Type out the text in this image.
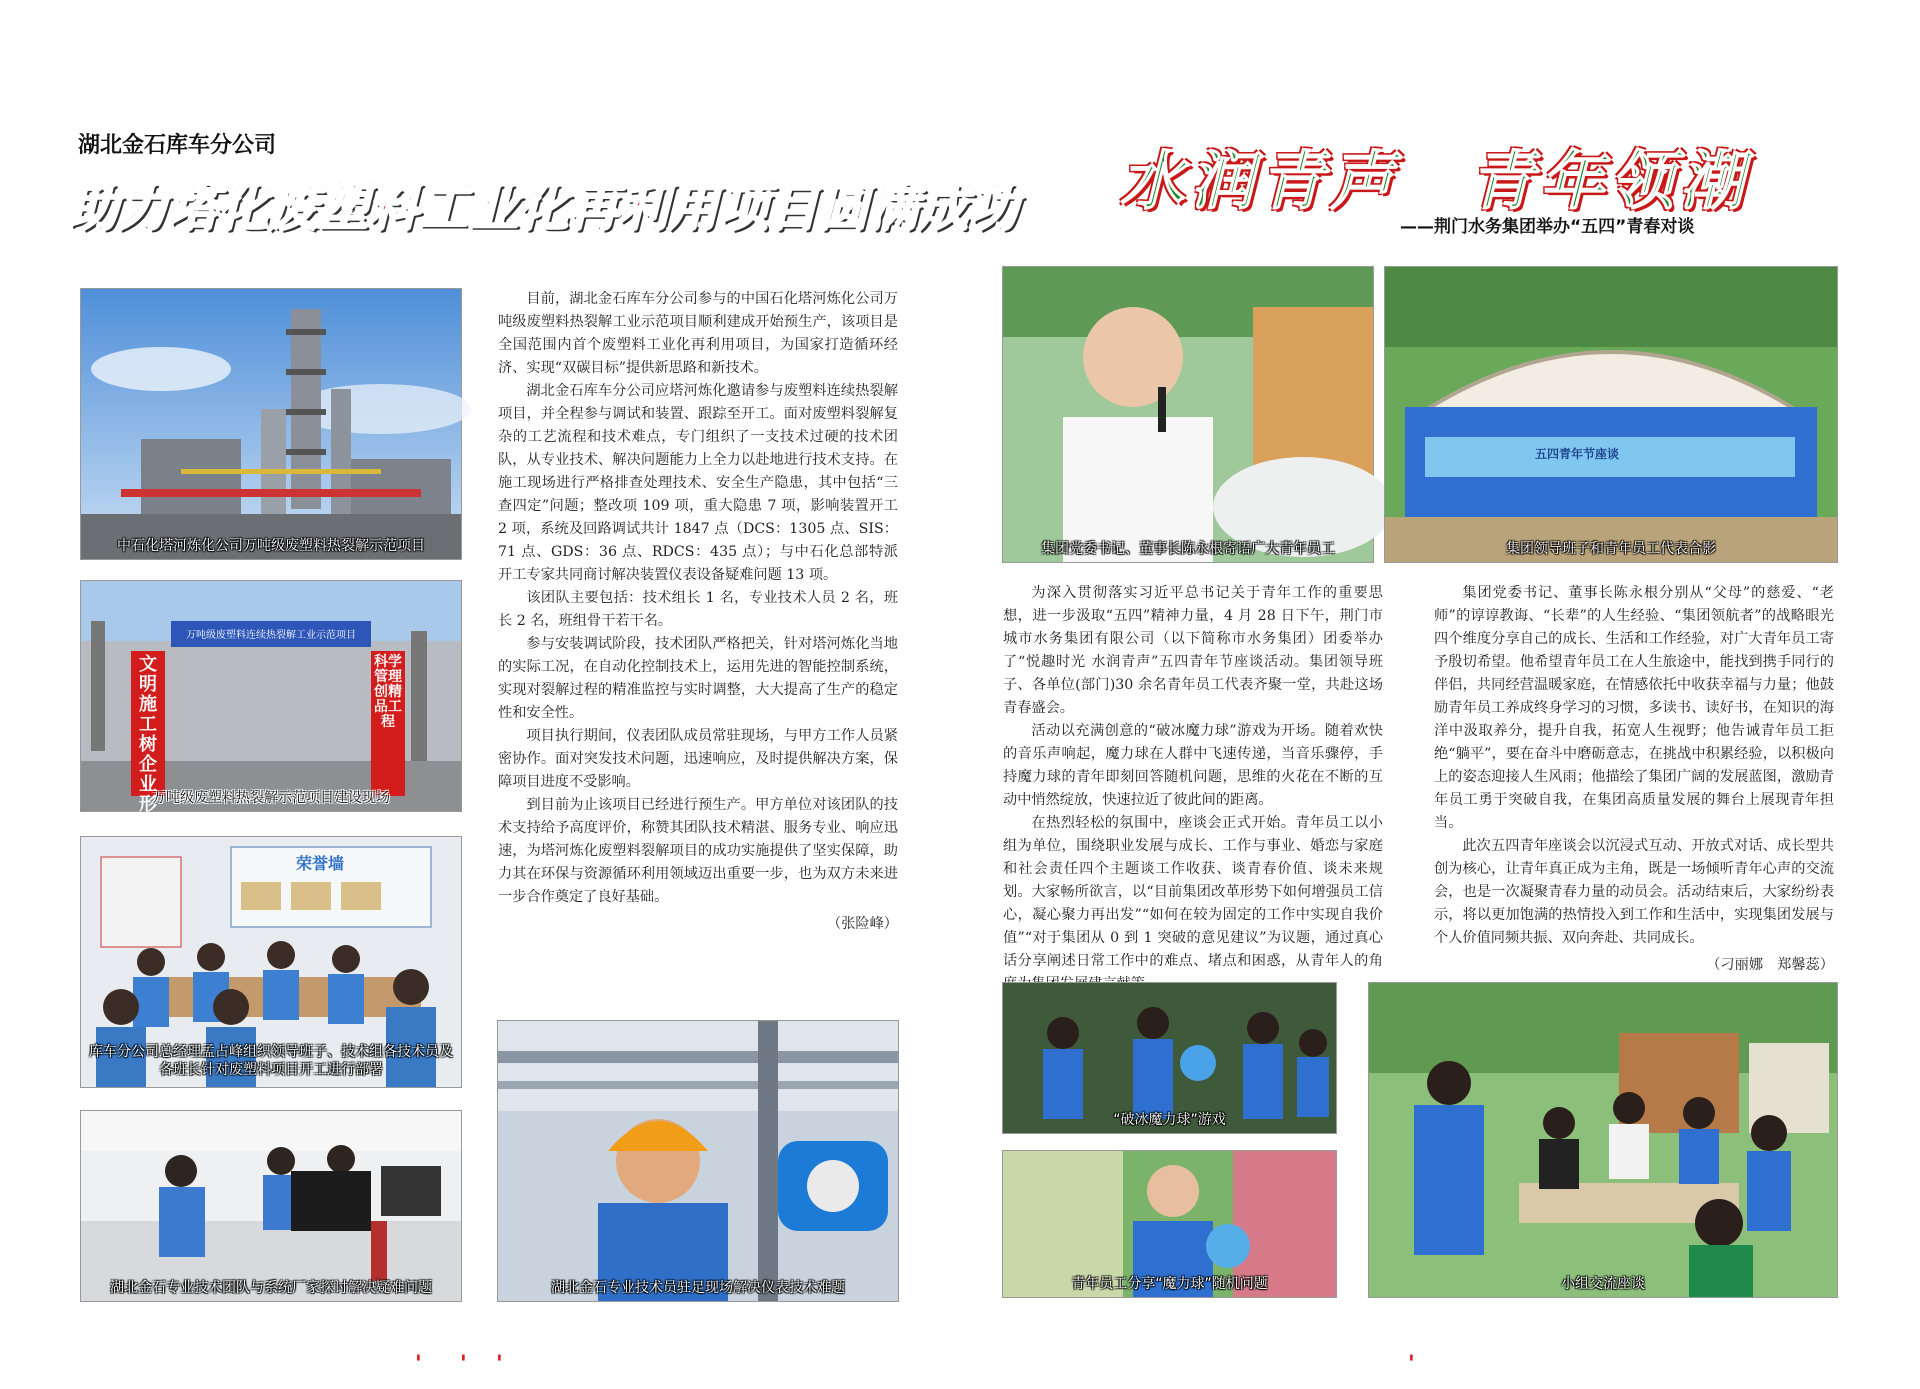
湖北金石库车分公司
助力塔化废塑料工业化再利用项目圆满成功
中石化塔河炼化公司万吨级废塑料热裂解示范项目
万吨级废塑料连续热裂解工业示范项目
文明施工树企业形象
科学管理创精品工程
万吨级废塑料热裂解示范项目建设现场
荣誉墙
库车分公司总经理孟占峰组织领导班子、技术组各技术员及各班长针对废塑料项目开工进行部署
湖北金石专业技术团队与系统厂家探讨解决疑难问题	湖北金石专业技术员驻足现场解决仪表技术难题

目前，湖北金石库车分公司参与的中国石化塔河炼化公司万吨级废塑料热裂解工业示范项目顺利建成开始预生产，该项目是全国范围内首个废塑料工业化再利用项目，为国家打造循环经济、实现“双碳目标”提供新思路和新技术。

湖北金石库车分公司应塔河炼化邀请参与废塑料连续热裂解项目，并全程参与调试和装置、跟踪至开工。面对废塑料裂解复杂的工艺流程和技术难点，专门组织了一支技术过硬的技术团队，从专业技术、解决问题能力上全力以赴地进行技术支持。在施工现场进行严格排查处理技术、安全生产隐患，其中包括“三查四定”问题；整改项 109 项，重大隐患 7 项，影响装置开工 2 项，系统及回路调试共计 1847 点（DCS：1305 点、SIS：71 点、GDS：36 点、RDCS：435 点）；与中石化总部特派开工专家共同商讨解决装置仪表设备疑难问题 13 项。

该团队主要包括：技术组长 1 名，专业技术人员 2 名，班长 2 名，班组骨干若干名。

参与安装调试阶段，技术团队严格把关，针对塔河炼化当地的实际工况，在自动化控制技术上，运用先进的智能控制系统，实现对裂解过程的精准监控与实时调整，大大提高了生产的稳定性和安全性。

项目执行期间，仪表团队成员常驻现场，与甲方工作人员紧密协作。面对突发技术问题，迅速响应，及时提供解决方案，保障项目进度不受影响。

到目前为止该项目已经进行预生产。甲方单位对该团队的技术支持给予高度评价，称赞其团队技术精湛、服务专业、响应迅速，为塔河炼化废塑料裂解项目的成功实施提供了坚实保障，助力其在环保与资源循环利用领域迈出重要一步，也为双方未来进一步合作奠定了良好基础。

（张险峰）

' ' '
水润青声　青年领潮
——荆门水务集团举办“五四”青春对谈
集团党委书记、董事长陈永根寄语广大青年员工
五四青年节座谈
集团领导班子和青年员工代表合影

为深入贯彻落实习近平总书记关于青年工作的重要思想，进一步汲取“五四”精神力量，4 月 28 日下午，荆门市城市水务集团有限公司（以下简称市水务集团）团委举办了“悦趣时光 水润青声”五四青年节座谈活动。集团领导班子、各单位(部门)30 余名青年员工代表齐聚一堂，共赴这场青春盛会。

活动以充满创意的“破冰魔力球”游戏为开场。随着欢快的音乐声响起，魔力球在人群中飞速传递，当音乐骤停，手持魔力球的青年即刻回答随机问题，思维的火花在不断的互动中悄然绽放，快速拉近了彼此间的距离。

在热烈轻松的氛围中，座谈会正式开始。青年员工以小组为单位，围绕职业发展与成长、工作与事业、婚恋与家庭和社会责任四个主题谈工作收获、谈青春价值、谈未来规划。大家畅所欲言，以“目前集团改革形势下如何增强员工信心，凝心聚力再出发”“如何在较为固定的工作中实现自我价值”“对于集团从 0 到 1 突破的意见建议”为议题，通过真心话分享阐述日常工作中的难点、堵点和困惑，从青年人的角

集团党委书记、董事长陈永根分别从“父母”的慈爱、“老师”的谆谆教诲、“长辈”的人生经验、“集团领航者”的战略眼光四个维度分享自己的成长、生活和工作经验，对广大青年员工寄予殷切希望。他希望青年员工在人生旅途中，能找到携手同行的伴侣，共同经营温暖家庭，在情感依托中收获幸福与力量；他鼓励青年员工养成终身学习的习惯，多读书、读好书，在知识的海洋中汲取养分，提升自我，拓宽人生视野；他告诫青年员工拒绝“躺平”，要在奋斗中磨砺意志，在挑战中积累经验，以积极向上的姿态迎接人生风雨；他描绘了集团广阔的发展蓝图，激励青年员工勇于突破自我，在集团高质量发展的舞台上展现青年担当。

此次五四青年座谈会以沉浸式互动、开放式对话、成长型共创为核心，让青年真正成为主角，既是一场倾听青年心声的交流会，也是一次凝聚青春力量的动员会。活动结束后，大家纷纷表示，将以更加饱满的热情投入到工作和生活中，实现集团发展与个人价值同频共振、双向奔赴、共同成长。

（刁丽娜　郑馨蕊）

“破冰魔力球”游戏
青年员工分享“魔力球”随机问题	小组交流座谈
'
